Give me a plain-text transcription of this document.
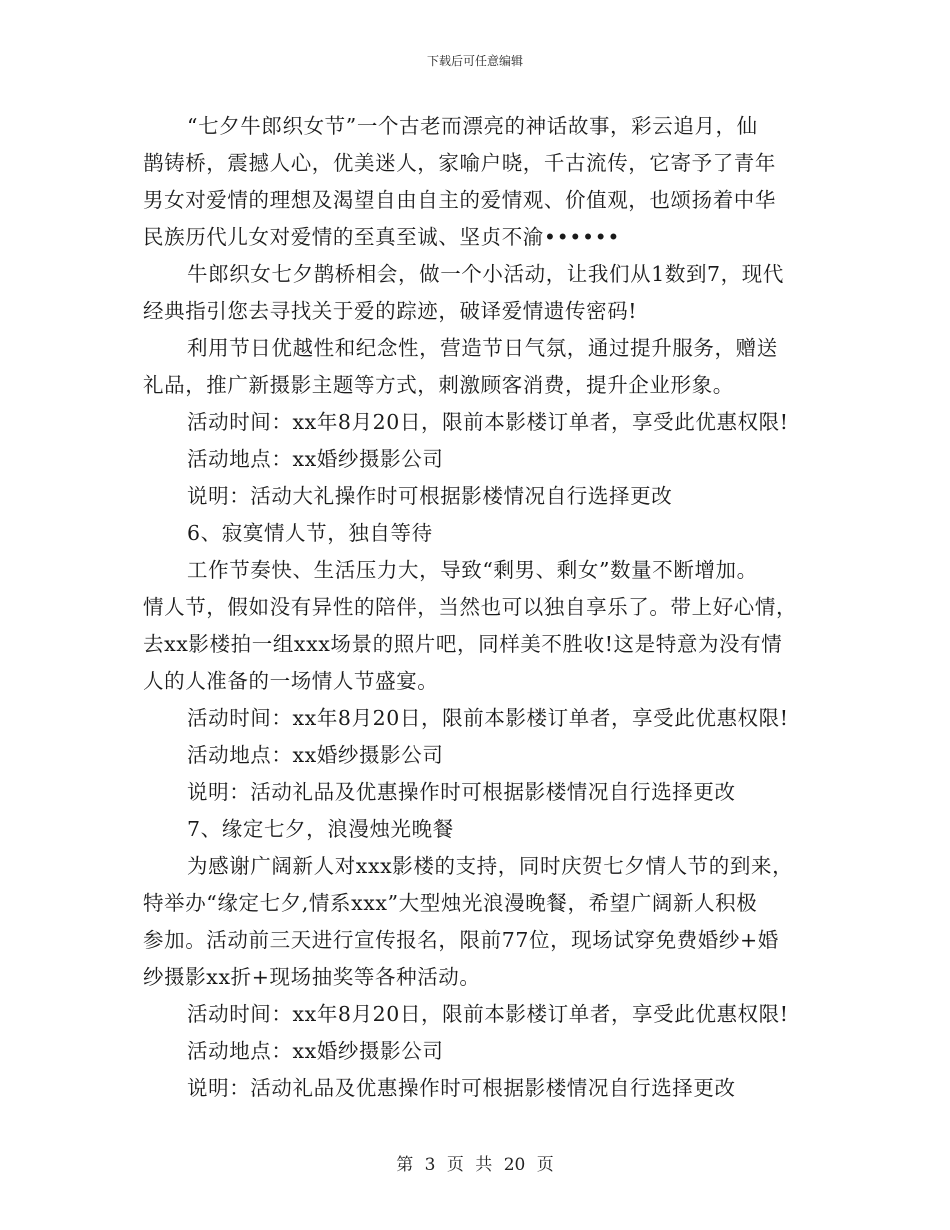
下载后可任意编辑
“七夕牛郎织女节”一个古老而漂亮的神话故事，彩云追月，仙
鹊铸桥，震撼人心，优美迷人，家喻户晓，千古流传，它寄予了青年
男女对爱情的理想及渴望自由自主的爱情观、价值观，也颂扬着中华
民族历代儿女对爱情的至真至诚、坚贞不渝••••••
牛郎织女七夕鹊桥相会，做一个小活动，让我们从1数到7，现代
经典指引您去寻找关于爱的踪迹，破译爱情遗传密码!
利用节日优越性和纪念性，营造节日气氛，通过提升服务，赠送
礼品，推广新摄影主题等方式，刺激顾客消费，提升企业形象。
活动时间：xx年8月20日，限前本影楼订单者，享受此优惠权限!
活动地点：xx婚纱摄影公司
说明：活动大礼操作时可根据影楼情况自行选择更改
6、寂寞情人节，独自等待
工作节奏快、生活压力大，导致“剩男、剩女”数量不断增加。
情人节，假如没有异性的陪伴，当然也可以独自享乐了。带上好心情，
去xx影楼拍一组xxx场景的照片吧，同样美不胜收!这是特意为没有情
人的人准备的一场情人节盛宴。
活动时间：xx年8月20日，限前本影楼订单者，享受此优惠权限!
活动地点：xx婚纱摄影公司
说明：活动礼品及优惠操作时可根据影楼情况自行选择更改
7、缘定七夕，浪漫烛光晚餐
为感谢广阔新人对xxx影楼的支持，同时庆贺七夕情人节的到来，
特举办“缘定七夕,情系xxx”大型烛光浪漫晚餐，希望广阔新人积极
参加。活动前三天进行宣传报名，限前77位，现场试穿免费婚纱+婚
纱摄影xx折+现场抽奖等各种活动。
活动时间：xx年8月20日，限前本影楼订单者，享受此优惠权限!
活动地点：xx婚纱摄影公司
说明：活动礼品及优惠操作时可根据影楼情况自行选择更改
第 3 页 共 20 页
